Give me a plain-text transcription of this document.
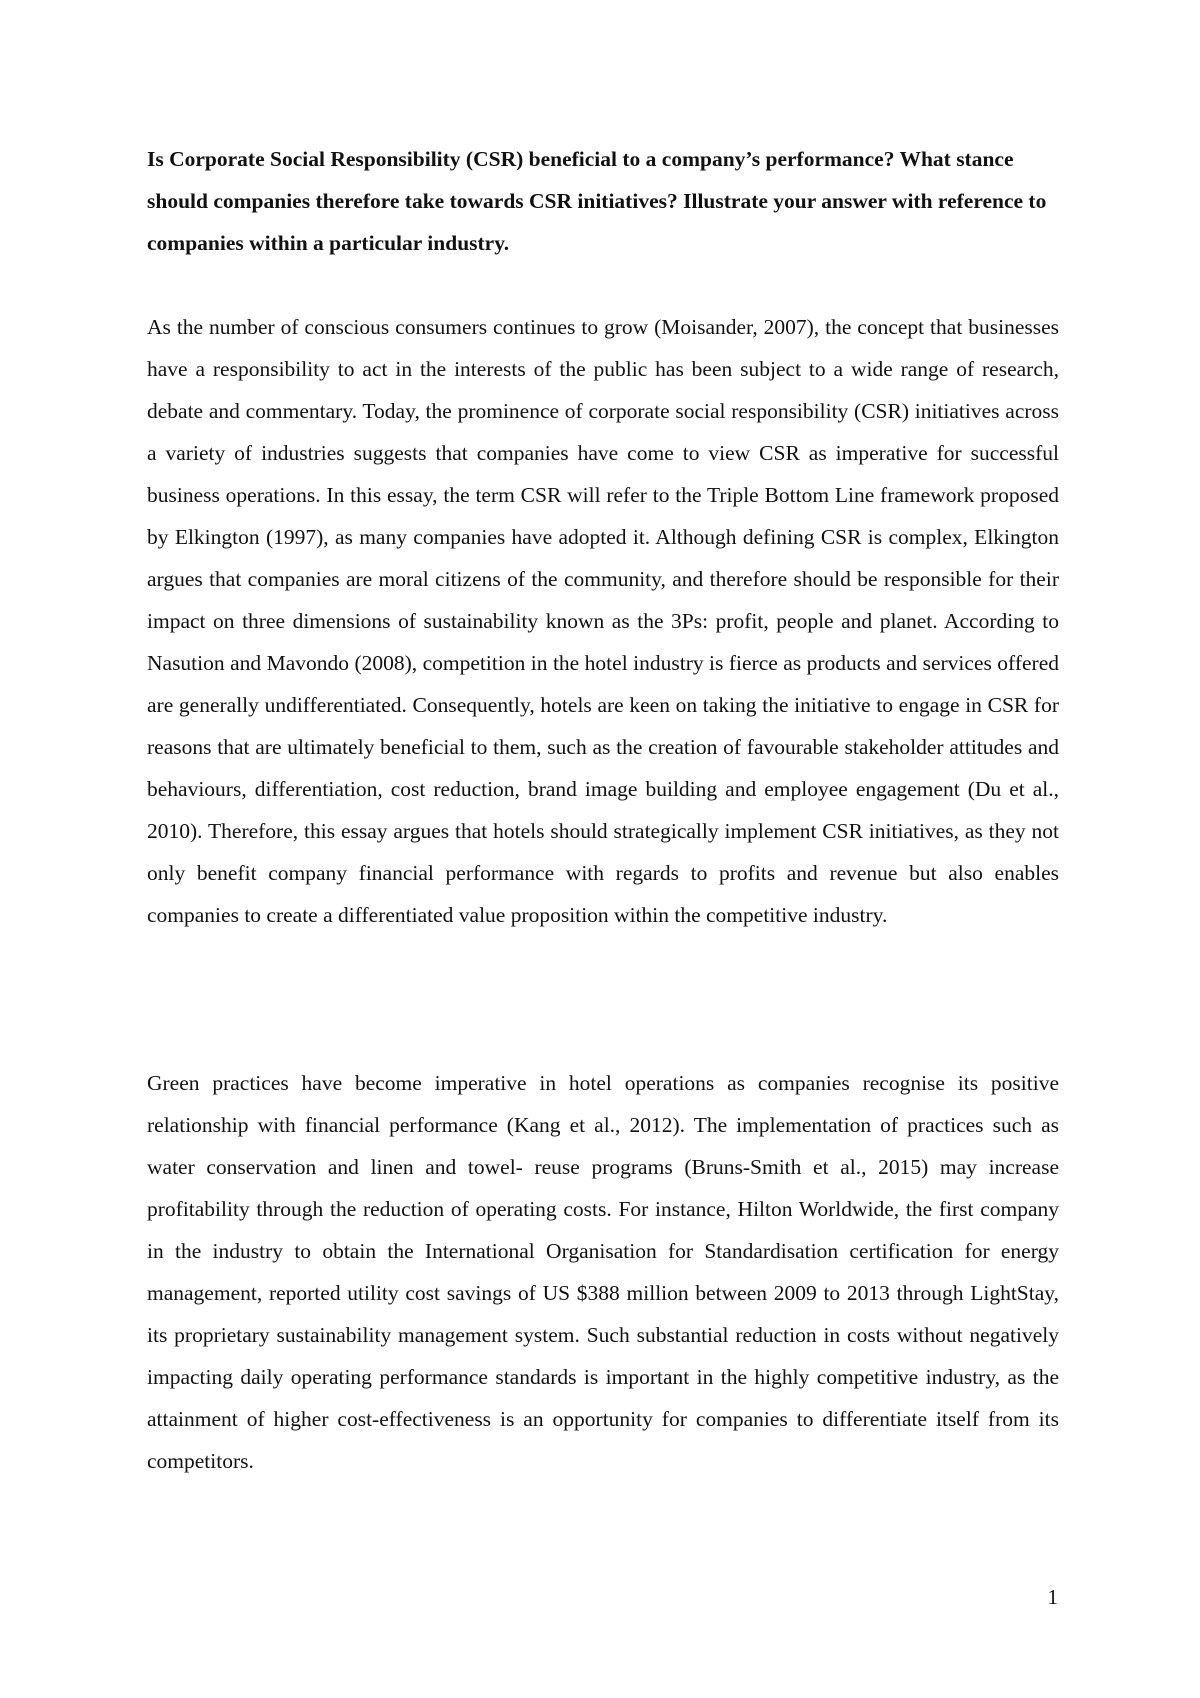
Is Corporate Social Responsibility (CSR) beneficial to a company’s performance? What stance should companies therefore take towards CSR initiatives? Illustrate your answer with reference to companies within a particular industry.

As the number of conscious consumers continues to grow (Moisander, 2007), the concept that businesses have a responsibility to act in the interests of the public has been subject to a wide range of research, debate and commentary. Today, the prominence of corporate social responsibility (CSR) initiatives across a variety of industries suggests that companies have come to view CSR as imperative for successful business operations. In this essay, the term CSR will refer to the Triple Bottom Line framework proposed by Elkington (1997), as many companies have adopted it. Although defining CSR is complex, Elkington argues that companies are moral citizens of the community, and therefore should be responsible for their impact on three dimensions of sustainability known as the 3Ps: profit, people and planet. According to Nasution and Mavondo (2008), competition in the hotel industry is fierce as products and services offered are generally undifferentiated. Consequently, hotels are keen on taking the initiative to engage in CSR for reasons that are ultimately beneficial to them, such as the creation of favourable stakeholder attitudes and behaviours, differentiation, cost reduction, brand image building and employee engagement (Du et al., 2010). Therefore, this essay argues that hotels should strategically implement CSR initiatives, as they not only benefit company financial performance with regards to profits and revenue but also enables companies to create a differentiated value proposition within the competitive industry.

Green practices have become imperative in hotel operations as companies recognise its positive relationship with financial performance (Kang et al., 2012). The implementation of practices such as water conservation and linen and towel- reuse programs (Bruns-Smith et al., 2015) may increase profitability through the reduction of operating costs. For instance, Hilton Worldwide, the first company in the industry to obtain the International Organisation for Standardisation certification for energy management, reported utility cost savings of US $388 million between 2009 to 2013 through LightStay, its proprietary sustainability management system. Such substantial reduction in costs without negatively impacting daily operating performance standards is important in the highly competitive industry, as the attainment of higher cost-effectiveness is an opportunity for companies to differentiate itself from its competitors.

1
